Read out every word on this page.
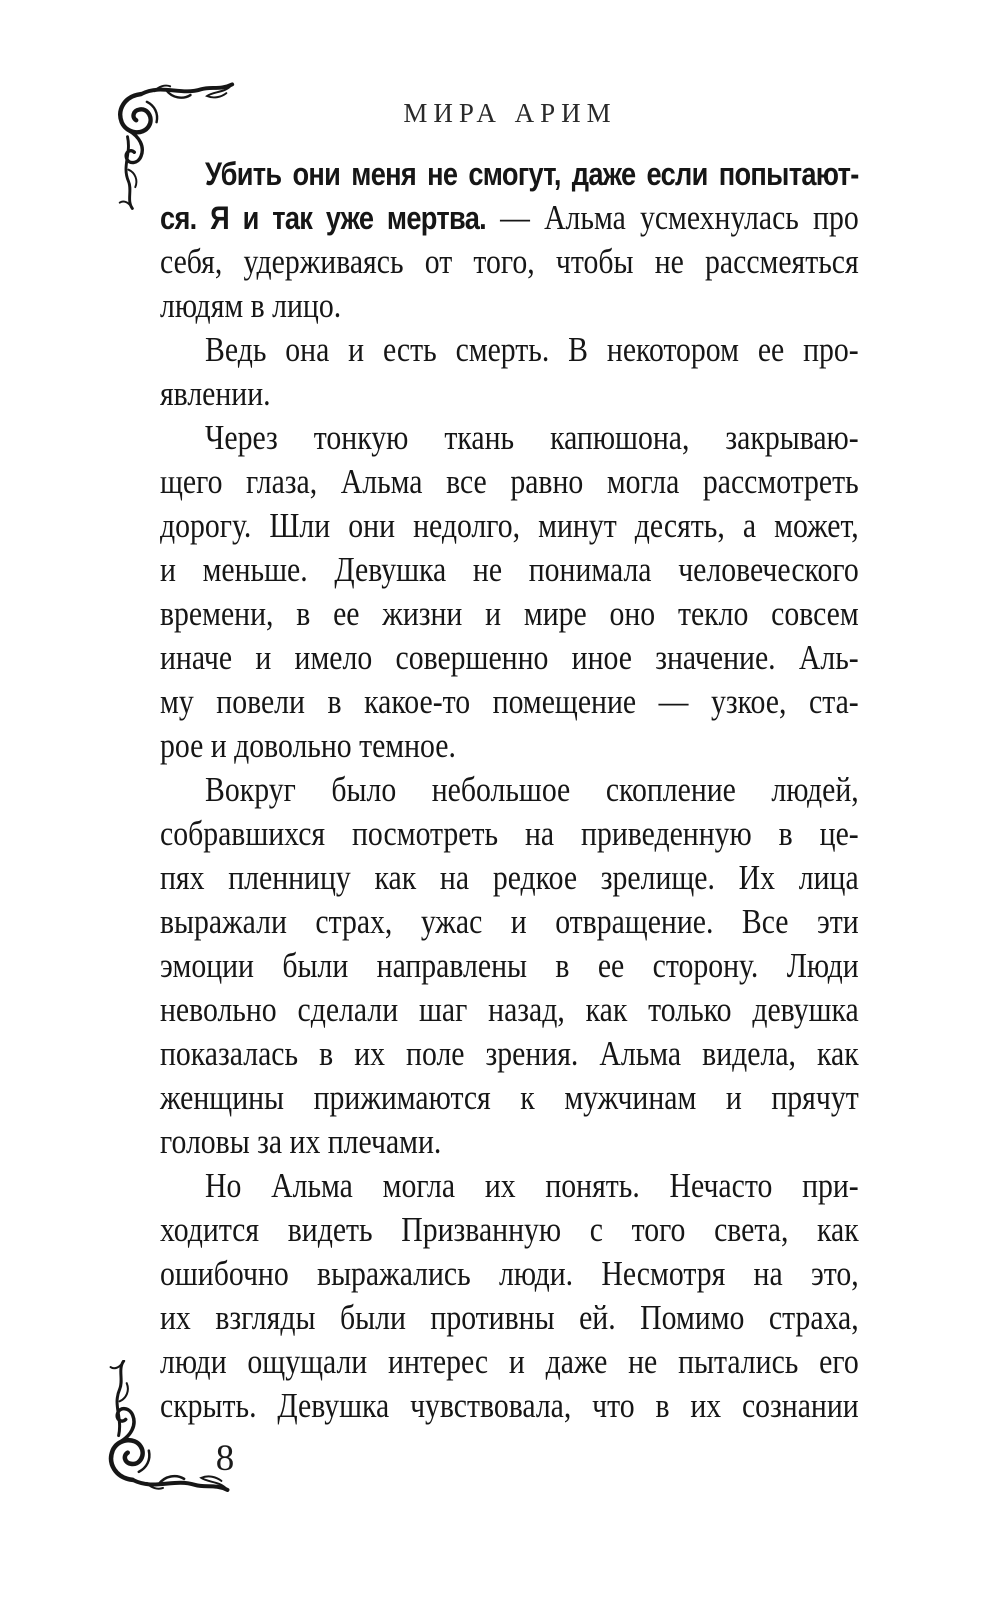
МИРА АРИМ
Убить они меня не смогут, даже если попытают-
ся. Я и так уже мертва. — Альма усмехнулась про
себя, удерживаясь от того, чтобы не рассмеяться
людям в лицо.
Ведь она и есть смерть. В некотором ее про-
явлении.
Через тонкую ткань капюшона, закрываю-
щего глаза, Альма все равно могла рассмотреть
дорогу. Шли они недолго, минут десять, а может,
и меньше. Девушка не понимала человеческого
времени, в ее жизни и мире оно текло совсем
иначе и имело совершенно иное значение. Аль-
му повели в какое-то помещение — узкое, ста-
рое и довольно темное.
Вокруг было небольшое скопление людей,
собравшихся посмотреть на приведенную в це-
пях пленницу как на редкое зрелище. Их лица
выражали страх, ужас и отвращение. Все эти
эмоции были направлены в ее сторону. Люди
невольно сделали шаг назад, как только девушка
показалась в их поле зрения. Альма видела, как
женщины прижимаются к мужчинам и прячут
головы за их плечами.
Но Альма могла их понять. Нечасто при-
ходится видеть Призванную с того света, как
ошибочно выражались люди. Несмотря на это,
их взгляды были противны ей. Помимо страха,
люди ощущали интерес и даже не пытались его
скрыть. Девушка чувствовала, что в их сознании
8
